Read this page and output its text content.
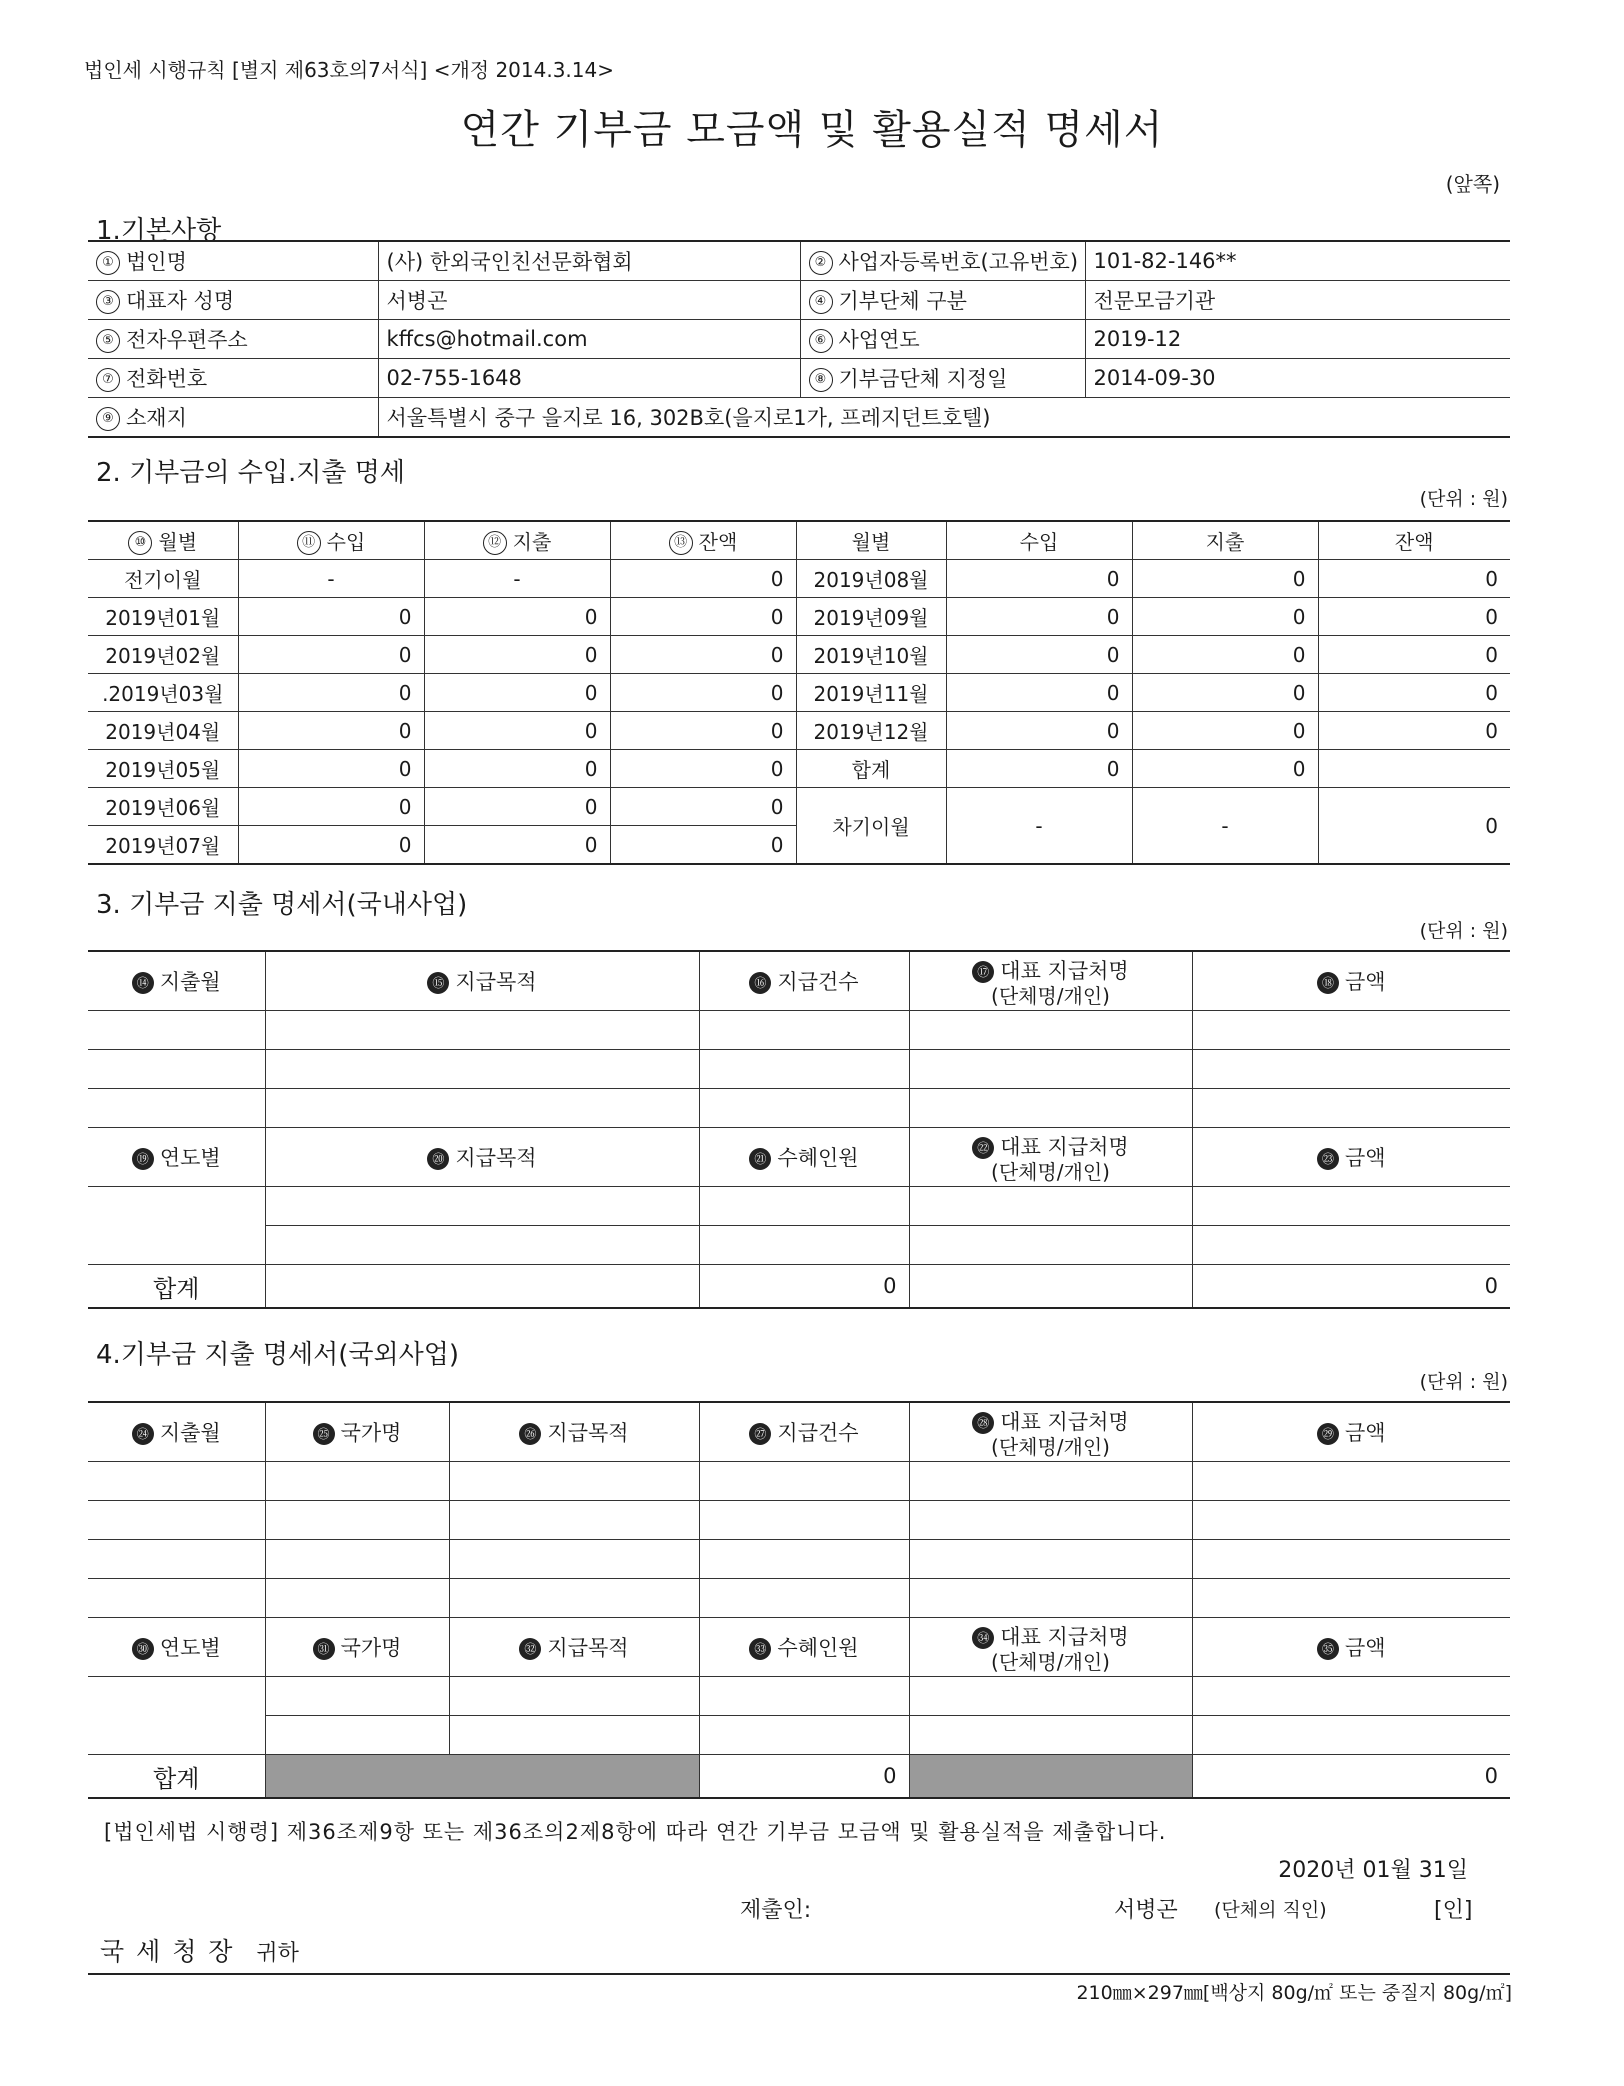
법인세 시행규칙 [별지 제63호의7서식] <개정 2014.3.14>
연간 기부금 모금액 및 활용실적 명세서
(앞쪽)
1.기본사항
① 법인명	(사) 한외국인친선문화협회	② 사업자등록번호(고유번호)	101-82-146**
③ 대표자 성명	서병곤	④ 기부단체 구분	전문모금기관
⑤ 전자우편주소	kffcs@hotmail.com	⑥ 사업연도	2019-12
⑦ 전화번호	02-755-1648	⑧ 기부금단체 지정일	2014-09-30
⑨ 소재지	서울특별시 중구 을지로 16, 302B호(을지로1가, 프레지던트호텔)		
2. 기부금의 수입.지출 명세
(단위 : 원)
⑩ 월별	⑪ 수입	⑫ 지출	⑬ 잔액	월별	수입	지출	잔액
전기이월	-	-	0	2019년08월	0	0	0
2019년01월	0	0	0	2019년09월	0	0	0
2019년02월	0	0	0	2019년10월	0	0	0
.2019년03월	0	0	0	2019년11월	0	0	0
2019년04월	0	0	0	2019년12월	0	0	0
2019년05월	0	0	0	합계	0	0	
2019년06월	0	0	0	차기이월	-	-	0
2019년07월	0	0	0				
3. 기부금 지출 명세서(국내사업)
(단위 : 원)
⑭ 지출월	⑮ 지급목적	⑯ 지급건수	⑰ 대표 지급처명
(단체명/개인)	⑱ 금액

⑲ 연도별	⑳ 지급목적	㉑ 수혜인원	㉒ 대표 지급처명
(단체명/개인)	㉓ 금액

합계		0		0
4.기부금 지출 명세서(국외사업)
(단위 : 원)
㉔ 지출월	㉕ 국가명	㉖ 지급목적	㉗ 지급건수	㉘ 대표 지급처명
(단체명/개인)	㉙ 금액

㉚ 연도별	㉛ 국가명	㉜ 지급목적	㉝ 수혜인원	㉞ 대표 지급처명
(단체명/개인)	㉟ 금액

합계			0		0
[법인세법 시행령] 제36조제9항 또는 제36조의2제8항에 따라 연간 기부금 모금액 및 활용실적을 제출합니다.
2020년 01월 31일
제출인:	서병곤 (단체의 직인)	[인]
국 세 청 장 귀하
210㎜×297㎜[백상지 80g/㎡ 또는 중질지 80g/㎡]
